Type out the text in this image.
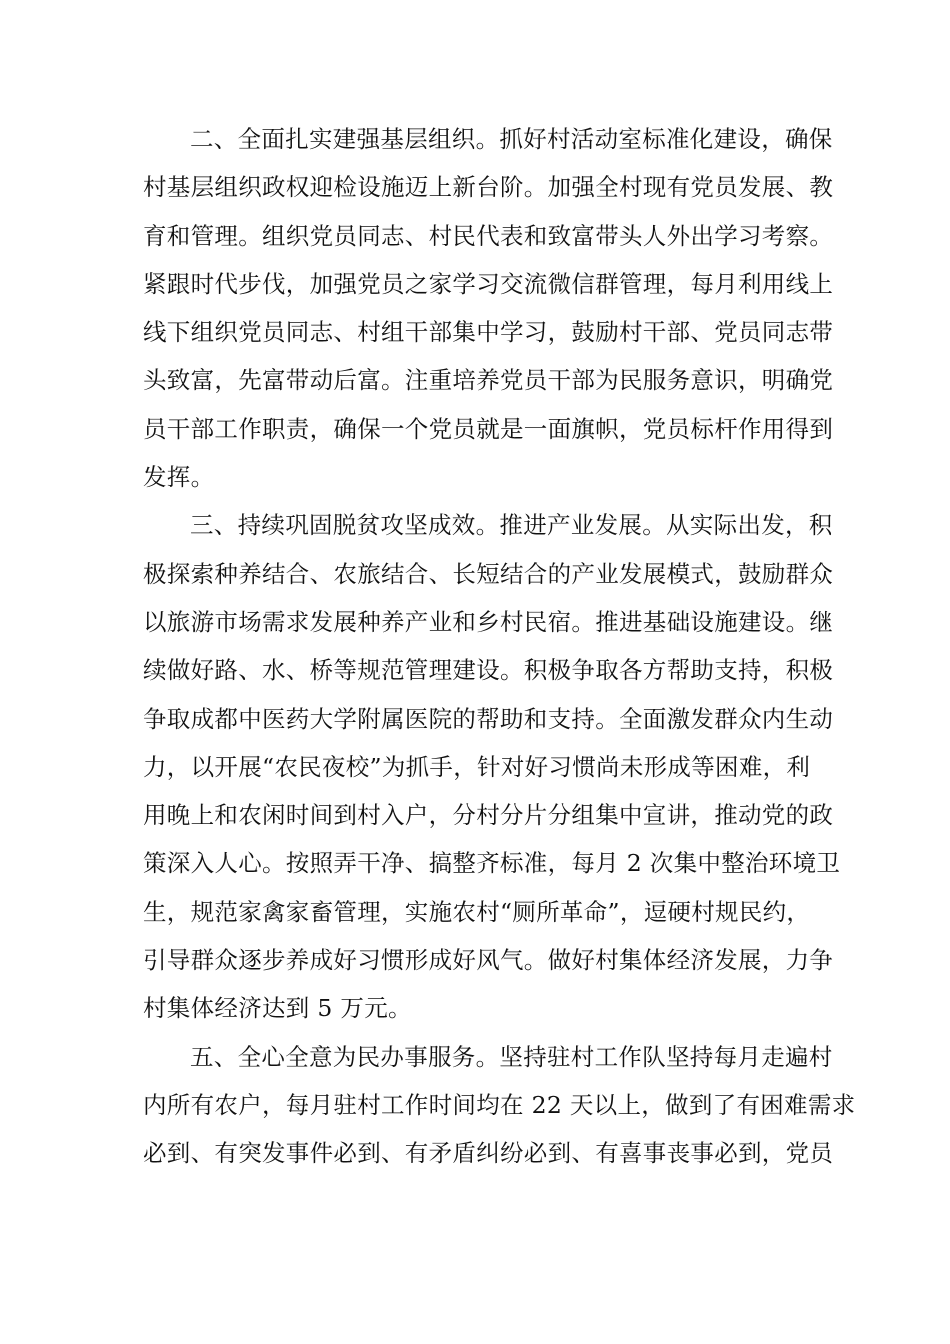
二、全面扎实建强基层组织。抓好村活动室标准化建设，确保
村基层组织政权迎检设施迈上新台阶。加强全村现有党员发展、教
育和管理。组织党员同志、村民代表和致富带头人外出学习考察。
紧跟时代步伐，加强党员之家学习交流微信群管理，每月利用线上
线下组织党员同志、村组干部集中学习，鼓励村干部、党员同志带
头致富，先富带动后富。注重培养党员干部为民服务意识，明确党
员干部工作职责，确保一个党员就是一面旗帜，党员标杆作用得到
发挥。
三、持续巩固脱贫攻坚成效。推进产业发展。从实际出发，积
极探索种养结合、农旅结合、长短结合的产业发展模式，鼓励群众
以旅游市场需求发展种养产业和乡村民宿。推进基础设施建设。继
续做好路、水、桥等规范管理建设。积极争取各方帮助支持，积极
争取成都中医药大学附属医院的帮助和支持。全面激发群众内生动
力，以开展“农民夜校”为抓手，针对好习惯尚未形成等困难，利
用晚上和农闲时间到村入户，分村分片分组集中宣讲，推动党的政
策深入人心。按照弄干净、搞整齐标准，每月 2 次集中整治环境卫
生，规范家禽家畜管理，实施农村“厕所革命”，逗硬村规民约，
引导群众逐步养成好习惯形成好风气。做好村集体经济发展，力争
村集体经济达到 5 万元。
五、全心全意为民办事服务。坚持驻村工作队坚持每月走遍村
内所有农户，每月驻村工作时间均在 22 天以上，做到了有困难需求
必到、有突发事件必到、有矛盾纠纷必到、有喜事丧事必到，党员
